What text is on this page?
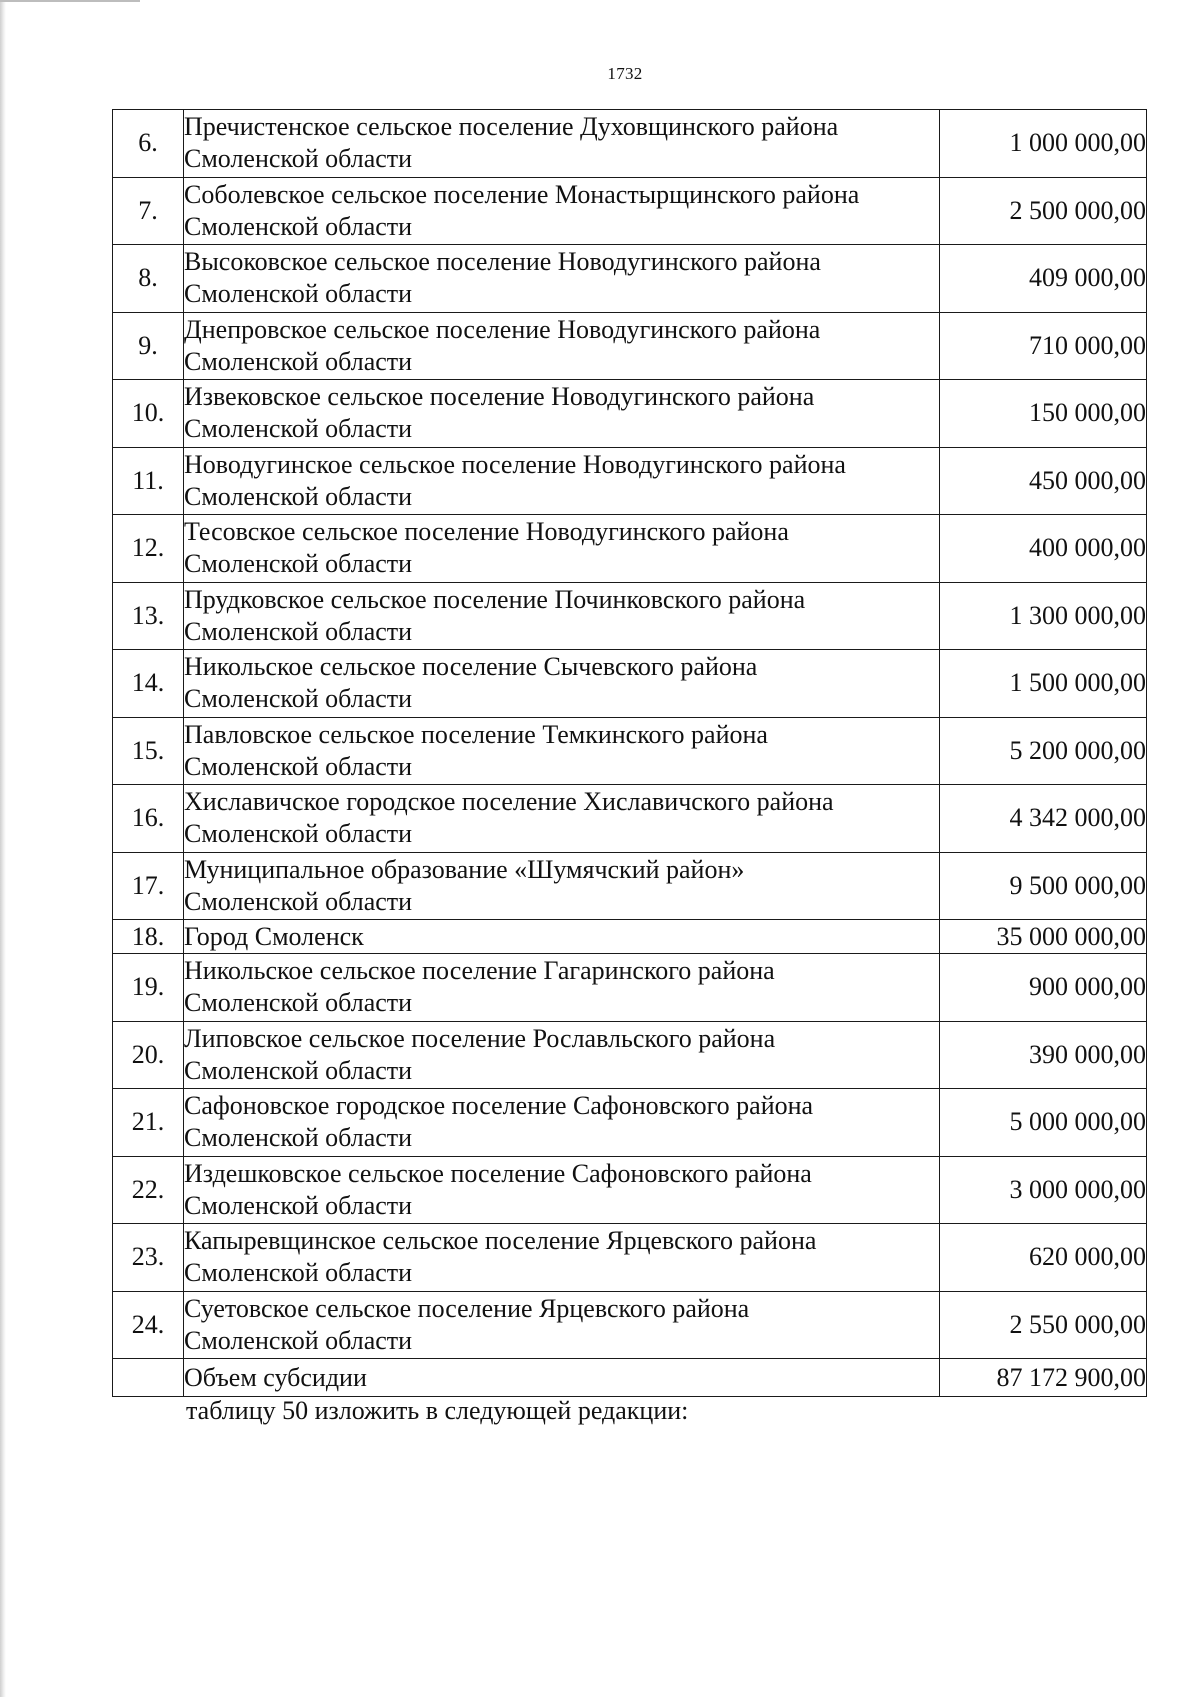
1732
6.	Пречистенское сельское поселение Духовщинского района
Смоленской области	1 000 000,00
7.	Соболевское сельское поселение Монастырщинского района
Смоленской области	2 500 000,00
8.	Высоковское сельское поселение Новодугинского района
Смоленской области	409 000,00
9.	Днепровское сельское поселение Новодугинского района
Смоленской области	710 000,00
10.	Извековское сельское поселение Новодугинского района
Смоленской области	150 000,00
11.	Новодугинское сельское поселение Новодугинского района
Смоленской области	450 000,00
12.	Тесовское сельское поселение Новодугинского района
Смоленской области	400 000,00
13.	Прудковское сельское поселение Починковского района
Смоленской области	1 300 000,00
14.	Никольское сельское поселение Сычевского района
Смоленской области	1 500 000,00
15.	Павловское сельское поселение Темкинского района
Смоленской области	5 200 000,00
16.	Хиславичское городское поселение Хиславичского района
Смоленской области	4 342 000,00
17.	Муниципальное образование «Шумячский район»
Смоленской области	9 500 000,00
18.	Город Смоленск	35 000 000,00
19.	Никольское сельское поселение Гагаринского района
Смоленской области	900 000,00
20.	Липовское сельское поселение Рославльского района
Смоленской области	390 000,00
21.	Сафоновское городское поселение Сафоновского района
Смоленской области	5 000 000,00
22.	Издешковское сельское поселение Сафоновского района
Смоленской области	3 000 000,00
23.	Капыревщинское сельское поселение Ярцевского района
Смоленской области	620 000,00
24.	Суетовское сельское поселение Ярцевского района
Смоленской области	2 550 000,00
	Объем субсидии	87 172 900,00
таблицу 50 изложить в следующей редакции:
